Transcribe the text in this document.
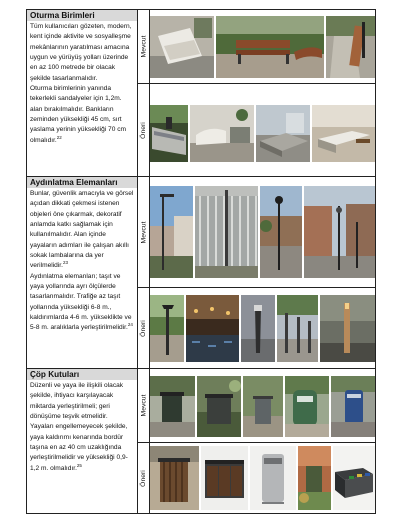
Oturma Birimleri

Tüm kullanıcıları gözeten, modern, kent içinde aktivite ve sosyalleşme mekânlarının yaratılması amacına uygun ve yürüyüş yolları üzerinde en az 100 metrede bir olacak şekilde tasarlanmalıdır.

Oturma birimlerinin yanında tekerlekli sandalyeler için 1,2m. alan bırakılmalıdır. Bankların zeminden yüksekliği 45 cm, sırt yaslama yerinin yüksekliği 70 cm olmalıdır.$^{22}$

Aydınlatma Elemanları

Bunlar, güvenlik amacıyla ve görsel açıdan dikkati çekmesi istenen objeleri öne çıkarmak, dekoratif anlamda katkı sağlamak için kullanılmalıdır. Alan içinde yayaların adımları ile çalışan akıllı sokak lambalarına da yer verilmelidir.$^{23}$

Aydınlatma elemanları; taşıt ve yaya yollarında ayrı ölçülerde tasarlanmalıdır. Trafiğe az taşıt yollarında yüksekliği 6-8 m., kaldırımlarda 4-6 m. yükseklikte ve 5-8 m. aralıklarla yerleştirilmelidir.$^{24}$

Çöp Kutuları

Düzenli ve yaya ile ilişkili olacak şekilde, ihtiyacı karşılayacak miktarda yerleştirilmeli; geri dönüşüme teşvik etmelidir.

Yayaları engellemeyecek şekilde, yaya kaldırımı kenarında bordür taşına en az 40 cm uzaklığında yerleştirilmelidir ve yüksekliği 0,9-1,2 m. olmalıdır.$^{25}$

Mevcut
Öneri
Mevcut
Öneri
Mevcut
Öneri
